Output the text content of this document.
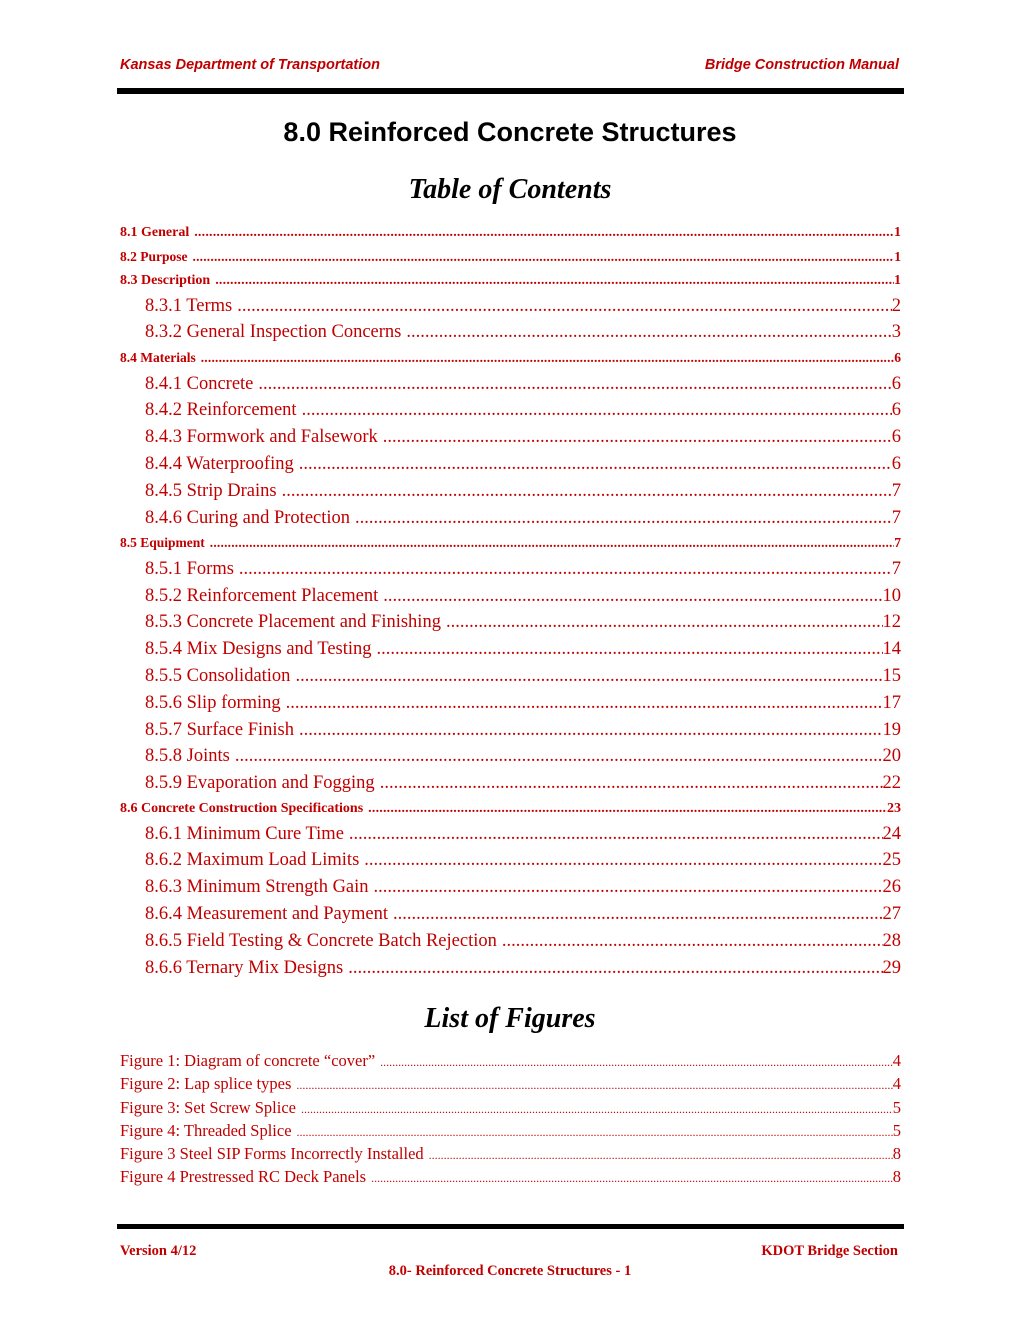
Kansas Department of Transportation	Bridge Construction Manual
8.0 Reinforced Concrete Structures
Table of Contents
8.1 General .....	1
8.2 Purpose .....	1
8.3 Description .....	1
8.3.1 Terms .....	2
8.3.2 General Inspection Concerns .....	3
8.4 Materials .....	6
8.4.1 Concrete .....	6
8.4.2 Reinforcement .....	6
8.4.3 Formwork and Falsework .....	6
8.4.4 Waterproofing .....	6
8.4.5 Strip Drains .....	7
8.4.6 Curing and Protection .....	7
8.5 Equipment .....	7
8.5.1 Forms .....	7
8.5.2 Reinforcement Placement .....	10
8.5.3 Concrete Placement and Finishing .....	12
8.5.4 Mix Designs and Testing .....	14
8.5.5 Consolidation .....	15
8.5.6 Slip forming .....	17
8.5.7 Surface Finish .....	19
8.5.8 Joints .....	20
8.5.9 Evaporation and Fogging .....	22
8.6 Concrete Construction Specifications .....	23
8.6.1 Minimum Cure Time .....	24
8.6.2 Maximum Load Limits .....	25
8.6.3 Minimum Strength Gain .....	26
8.6.4 Measurement and Payment .....	27
8.6.5 Field Testing & Concrete Batch Rejection .....	28
8.6.6 Ternary Mix Designs .....	29
List of Figures
Figure 1: Diagram of concrete “cover” .....	4
Figure 2: Lap splice types .....	4
Figure 3: Set Screw Splice .....	5
Figure 4: Threaded Splice .....	5
Figure 3 Steel SIP Forms Incorrectly Installed .....	8
Figure 4 Prestressed RC Deck Panels .....	8
Version 4/12	KDOT Bridge Section
8.0- Reinforced Concrete Structures - 1
